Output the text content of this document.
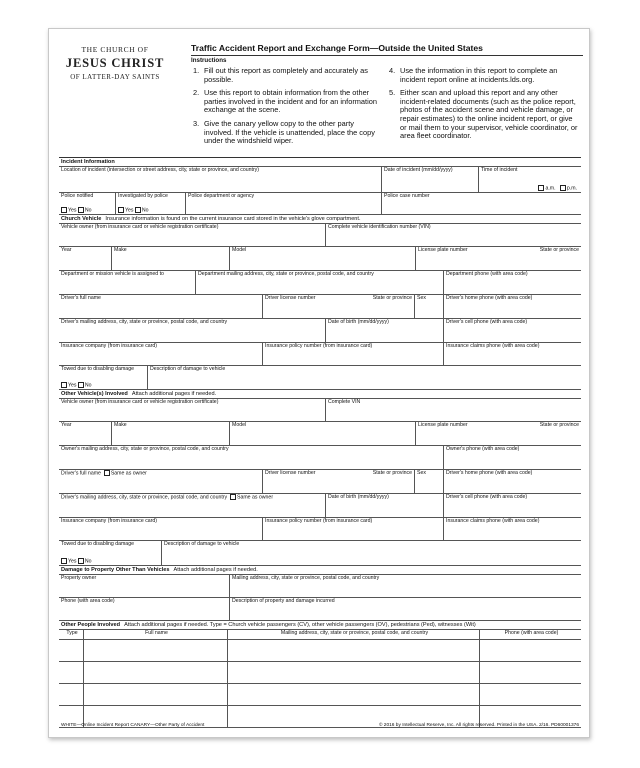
THE CHURCH OF
JESUS CHRIST
OF LATTER-DAY SAINTS
Traffic Accident Report and Exchange Form—Outside the United States
Instructions
1. Fill out this report as completely and accurately as possible.
2. Use this report to obtain information from the other parties involved in the incident and for an information exchange at the scene.
3. Give the canary yellow copy to the other party involved. If the vehicle is unattended, place the copy under the windshield wiper.
4. Use the information in this report to complete an incident report online at incidents.lds.org.
5. Either scan and upload this report and any other incident-related documents (such as the police report, photos of the accident scene and vehicle damage, or repair estimates) to the online incident report, or give or mail them to your supervisor, vehicle coordinator, or area fleet coordinator.
Incident Information
Location of incident (intersection or street address, city, state or province, and country)	Date of incident (mm/dd/yyyy)	Time of incident
a.m. p.m.
Police notified
Yes No
Investigated by police
Yes No
Police department or agency	Police case number
Church Vehicle Insurance information is found on the current insurance card stored in the vehicle's glove compartment.
Vehicle owner (from insurance card or vehicle registration certificate)	Complete vehicle identification number (VIN)
Year	Make	Model	License plate number	State or province
Department or mission vehicle is assigned to	Department mailing address, city, state or province, postal code, and country	Department phone (with area code)
Driver's full name	Driver license number	State or province Sex	Driver's home phone (with area code)
Driver's mailing address, city, state or province, postal code, and country	Date of birth (mm/dd/yyyy)	Driver's cell phone (with area code)
Insurance company (from insurance card)	Insurance policy number (from insurance card)	Insurance claims phone (with area code)
Towed due to disabling damage
Yes No
Description of damage to vehicle
Other Vehicle(s) Involved Attach additional pages if needed.
Vehicle owner (from insurance card or vehicle registration certificate)	Complete VIN
Year	Make	Model	License plate number	State or province
Owner's mailing address, city, state or province, postal code, and country	Owner's phone (with area code)
Driver's full name Same as owner	Driver license number	State or province Sex	Driver's home phone (with area code)
Driver's mailing address, city, state or province, postal code, and country Same as owner	Date of birth (mm/dd/yyyy)	Driver's cell phone (with area code)
Insurance company (from insurance card)	Insurance policy number (from insurance card)	Insurance claims phone (with area code)
Towed due to disabling damage
Yes No
Description of damage to vehicle
Damage to Property Other Than Vehicles Attach additional pages if needed.
Property owner	Mailing address, city, state or province, postal code, and country
Phone (with area code)	Description of property and damage incurred
Other People Involved Attach additional pages if needed. Type = Church vehicle passengers (CV), other vehicle passengers (OV), pedestrians (Ped), witnesses (Wit)
Type	Full name	Mailing address, city, state or province, postal code, and country	Phone (with area code)
WHITE—Online Incident Report CANARY—Other Party of Accident	© 2016 by Intellectual Reserve, Inc. All rights reserved. Printed in the USA. 2/16. PD60001376
